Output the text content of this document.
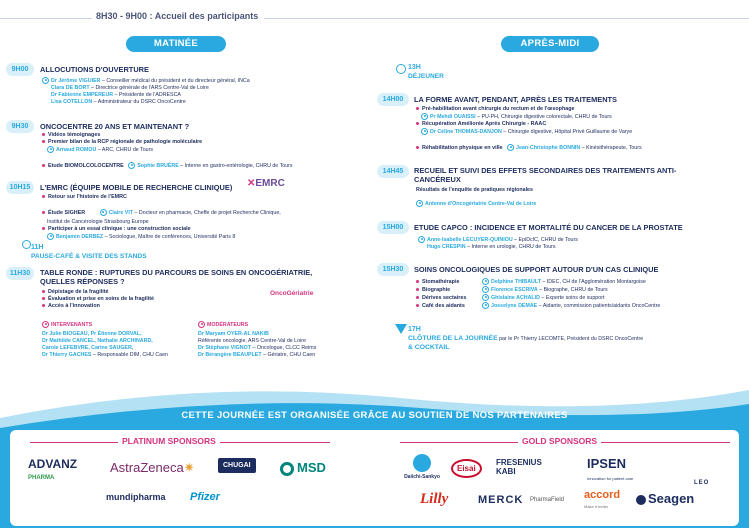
8H30 - 9H00 : Accueil des participants
MATINÉE	APRÈS-MIDI
9H00	ALLOCUTIONS D'OUVERTURE
Dr Jérôme VIGUIER – Conseiller médical du président et du directeur général, INCa
Clara DE BORT – Directrice générale de l'ARS Centre-Val de Loire
Dr Fabienne EMPEREUR – Présidente de l'ADRESCA
Lisa COTELLON – Administrateur du DSRC OncoCentre
9H30	ONCOCENTRE 20 ANS ET MAINTENANT ?
Vidéos témoignages
Premier bilan de la RCP régionale de pathologie moléculaire
Arnaud ROMOU – ARC, CHRU de Tours
Etude BIOMOLCOLOCENTRE	Sophie BRUÈRE – Interne en gastro-entérologie, CHRU de Tours
10H15	L'EMRC (ÉQUIPE MOBILE DE RECHERCHE CLINIQUE) ✕EMRC
Retour sur l'histoire de l'EMRC
Étude SIGHER	Claire VIT – Docteur en pharmacie, Cheffe de projet Recherche Clinique,
Institut de Cancérologie Strasbourg Europe
Participer à un essai clinique : une construction sociale
Benjamin DERBEZ – Sociologue, Maître de conférences, Université Paris 8
11H
PAUSE-CAFÉ & VISITE DES STANDS
11H30	TABLE RONDE : RUPTURES DU PARCOURS DE SOINS EN ONCOGÉRIATRIE,
QUELLES RÉPONSES ?
OncoGériatrie
Dépistage de la fragilité
Évaluation et prise en soins de la fragilité
Accès à l'innovation
INTERVENANTS
Dr Julie BIOGEAU, Pr Étienne DORVAL,
Dr Mathilde CANCEL, Nathalie ARCHINARD,
Carole LEFEBVRE, Carine SAUGER,
Dr Thierry GACHES – Responsable DIM, CHU Caen
MODÉRATEURS
Dr Maryam OYER-AL NAKIB
Référente oncologie, ARS Centre-Val de Loire
Dr Stéphane VIGNOT – Oncologue, CLCC Reims
Dr Bérangère BEAUPLET – Gériatre, CHU Caen
13H
DÉJEUNER
14H00	LA FORME AVANT, PENDANT, APRÈS LES TRAITEMENTS
Pré-habilitation avant chirurgie du rectum et de l'œsophage
Pr Mehdi OUAISSI – PU-PH, Chirurgie digestive colorectale, CHRU de Tours
Récupération Améliorée Après Chirurgie - RAAC
Dr Céline THOMAS-DANJON – Chirurgie digestive, Hôpital Privé Guillaume de Varye
Réhabilitation physique en ville	Jean-Christophe BONNIN – Kinésithérapeute, Tours
14H45	RECUEIL ET SUIVI DES EFFETS SECONDAIRES DES TRAITEMENTS ANTI-
CANCÉREUX
Résultats de l'enquête de pratiques régionales
Antenne d'Oncogériatrie Centre-Val de Loire
15H00	ETUDE CAPCO : INCIDENCE ET MORTALITÉ DU CANCER DE LA PROSTATE
Anne-Isabelle LECUYER-QUINIOU – EpiDcIC, CHRU de Tours
Hugo CRESPIN – Interne en urologie, CHRU de Tours
15H30	SOINS ONCOLOGIQUES DE SUPPORT AUTOUR D'UN CAS CLINIQUE
Stomathérapie	Delphine THIBAULT – IDEC, CH de l'Agglomération Montargoise
Biographie	Florence ESCRIVA – Biographe, CHRU de Tours
Dérives sectaires	Ghislaine ACHALID – Experte soins de support
Café des aidants	Josselyne DEMAE – Aidante, commission patients/aidants OncoCentre
17H
CLÔTURE DE LA JOURNÉE par le Pr Thierry LECOMTE, Président du DSRC OncoCentre
& COCKTAIL
CETTE JOURNÉE EST ORGANISÉE GRÂCE AU SOUTIEN DE NOS PARTENAIRES
PLATINUM SPONSORS	GOLD SPONSORS
ADVANZ
PHARMA
AstraZeneca✷	CHUGAI	MSD
mundipharma Pfizer
Daiichi-Sankyo
Eisai
FRESENIUS
KABI
IPSEN
Innovation for patient care
LEO
Lilly	MERCK PharmaField accord
Make it better
Seagen
